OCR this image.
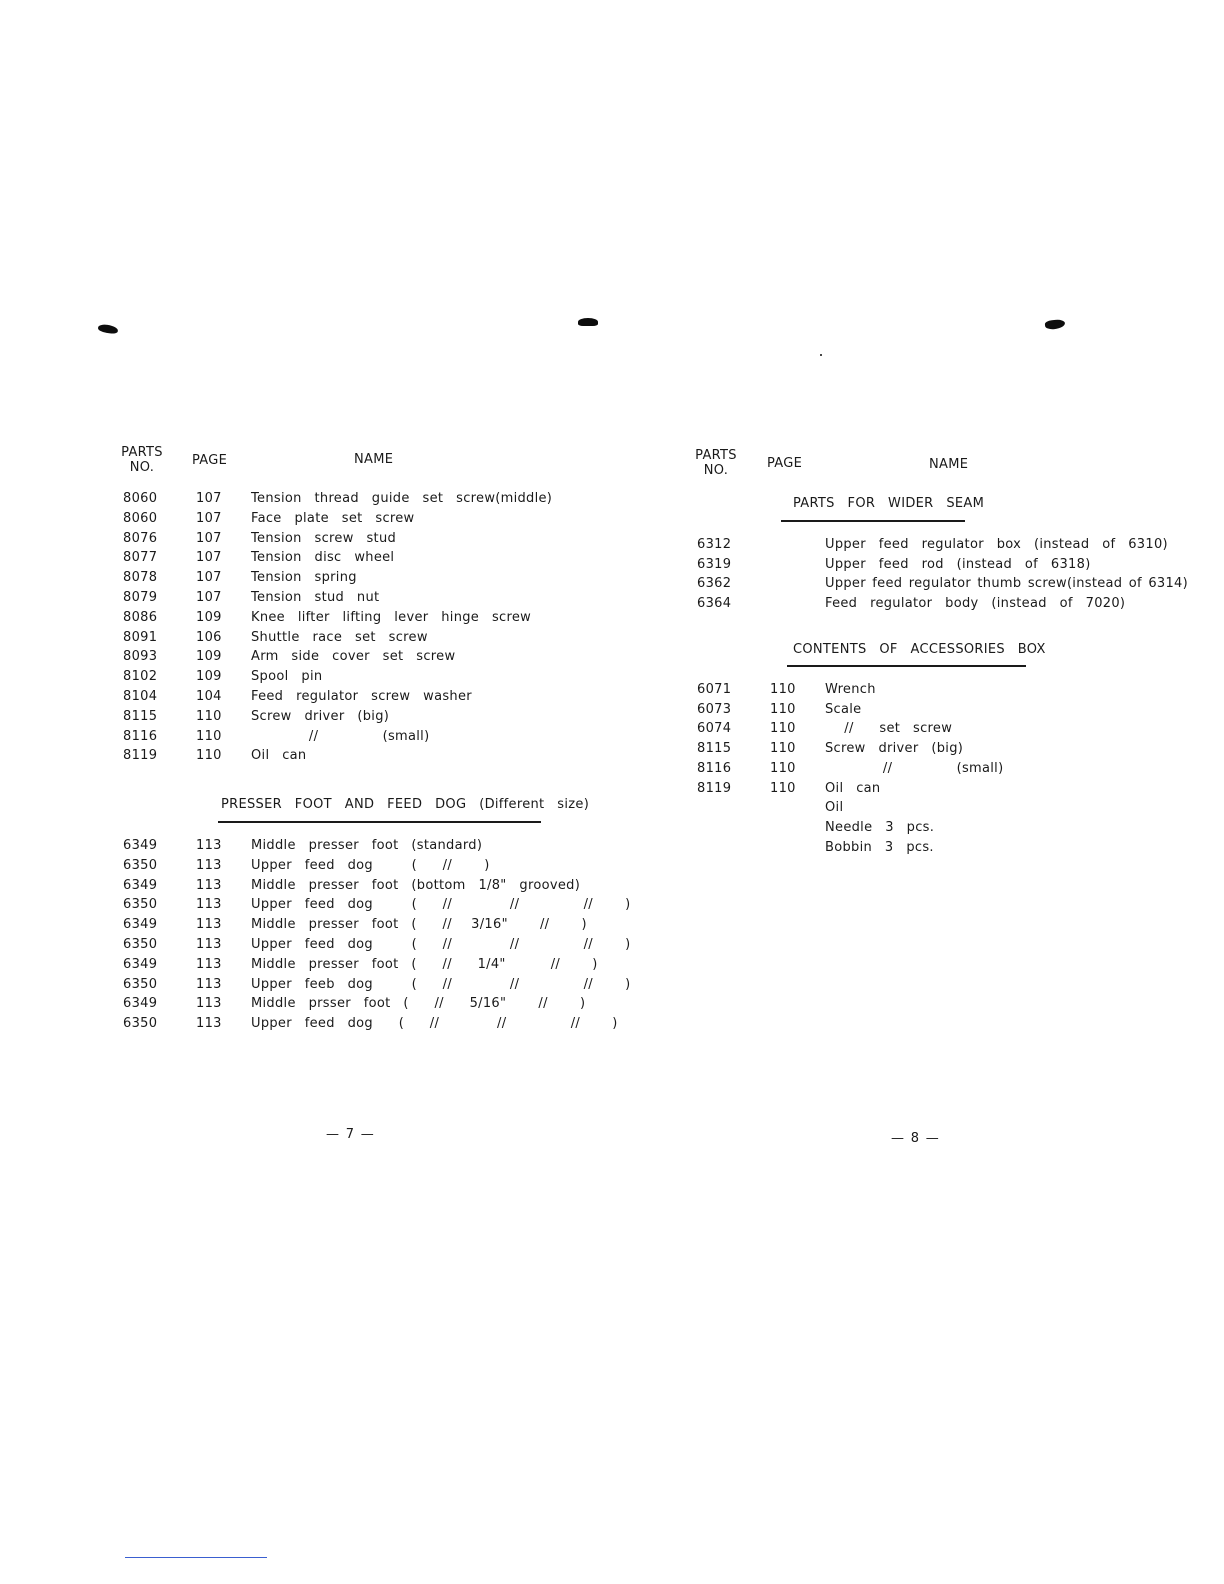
PARTS
NO.	PAGE	NAME
8060	107 Tension  thread  guide  set  screw(middle)
8060	107 Face  plate  set  screw
8076	107 Tension  screw  stud
8077	107 Tension  disc  wheel
8078	107 Tension  spring
8079	107 Tension  stud  nut
8086	109 Knee  lifter  lifting  lever  hinge  screw
8091	106 Shuttle  race  set  screw
8093	109 Arm  side  cover  set  screw
8102	109 Spool  pin
8104	104 Feed  regulator  screw  washer
8115	110 Screw  driver  (big)
8116	110 //          (small)
8119	110 Oil  can
PRESSER  FOOT  AND  FEED  DOG  (Different  size)
6349	113 Middle  presser  foot  (standard)
6350	113 Upper  feed  dog      (    //     )
6349	113 Middle  presser  foot  (bottom  1/8"  grooved)
6350	113 Upper  feed  dog      (    //         //          //     )
6349	113 Middle  presser  foot  (    //   3/16"     //     )
6350	113 Upper  feed  dog      (    //         //          //     )
6349	113 Middle  presser  foot  (    //    1/4"       //     )
6350	113 Upper  feeb  dog      (    //         //          //     )
6349	113 Middle  prsser  foot  (    //    5/16"     //     )
6350	113 Upper  feed  dog    (    //         //          //     )
— 7 —
PARTS
NO.	PAGE	NAME
PARTS  FOR  WIDER  SEAM
6312	Upper  feed  regulator  box  (instead  of  6310)
6319	Upper  feed  rod  (instead  of  6318)
6362	Upper feed regulator thumb screw(instead of 6314)
6364	Feed  regulator  body  (instead  of  7020)
CONTENTS  OF  ACCESSORIES  BOX
6071	110 Wrench
6073	110 Scale
6074	110 //    set  screw
8115	110 Screw  driver  (big)
8116	110 //          (small)
8119	110 Oil  can
Oil
Needle  3  pcs.
Bobbin  3  pcs.
— 8 —
